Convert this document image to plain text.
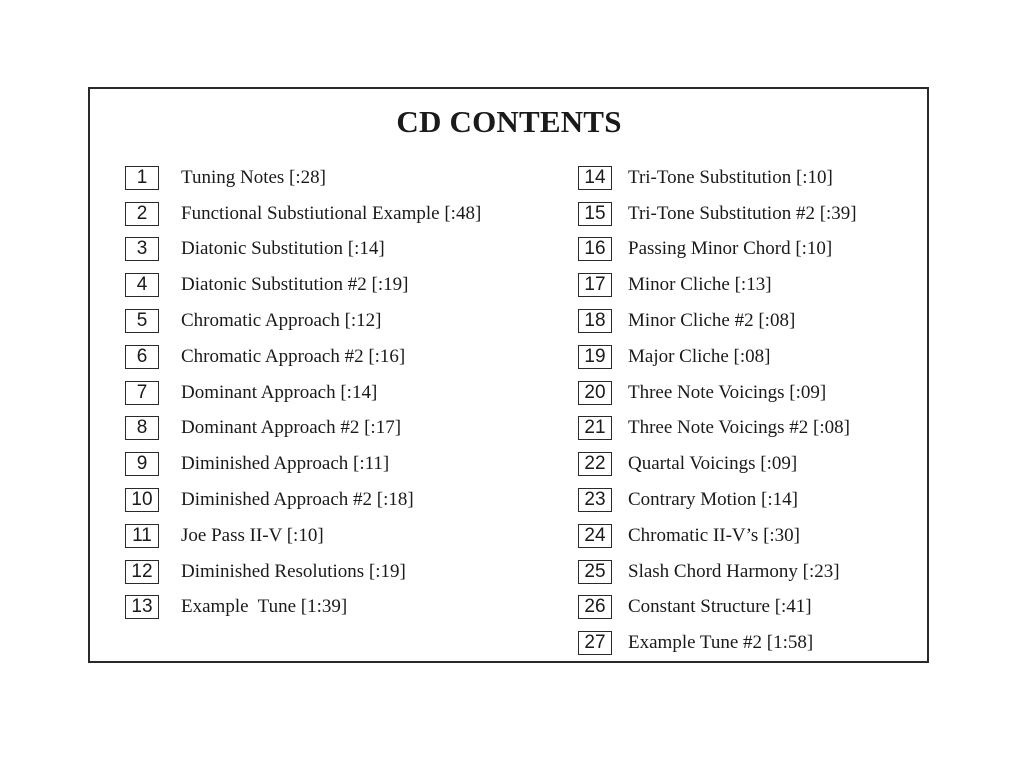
CD CONTENTS
1	Tuning Notes [:28]
2	Functional Substiutional Example [:48]
3	Diatonic Substitution [:14]
4	Diatonic Substitution #2 [:19]
5	Chromatic Approach [:12]
6	Chromatic Approach #2 [:16]
7	Dominant Approach [:14]
8	Dominant Approach #2 [:17]
9	Diminished Approach [:11]
10	Diminished Approach #2 [:18]
11	Joe Pass II-V [:10]
12	Diminished Resolutions [:19]
13	Example  Tune [1:39]
14	Tri-Tone Substitution [:10]
15	Tri-Tone Substitution #2 [:39]
16	Passing Minor Chord [:10]
17	Minor Cliche [:13]
18	Minor Cliche #2 [:08]
19	Major Cliche [:08]
20	Three Note Voicings [:09]
21	Three Note Voicings #2 [:08]
22	Quartal Voicings [:09]
23	Contrary Motion [:14]
24	Chromatic II-V’s [:30]
25	Slash Chord Harmony [:23]
26	Constant Structure [:41]
27	Example Tune #2 [1:58]
